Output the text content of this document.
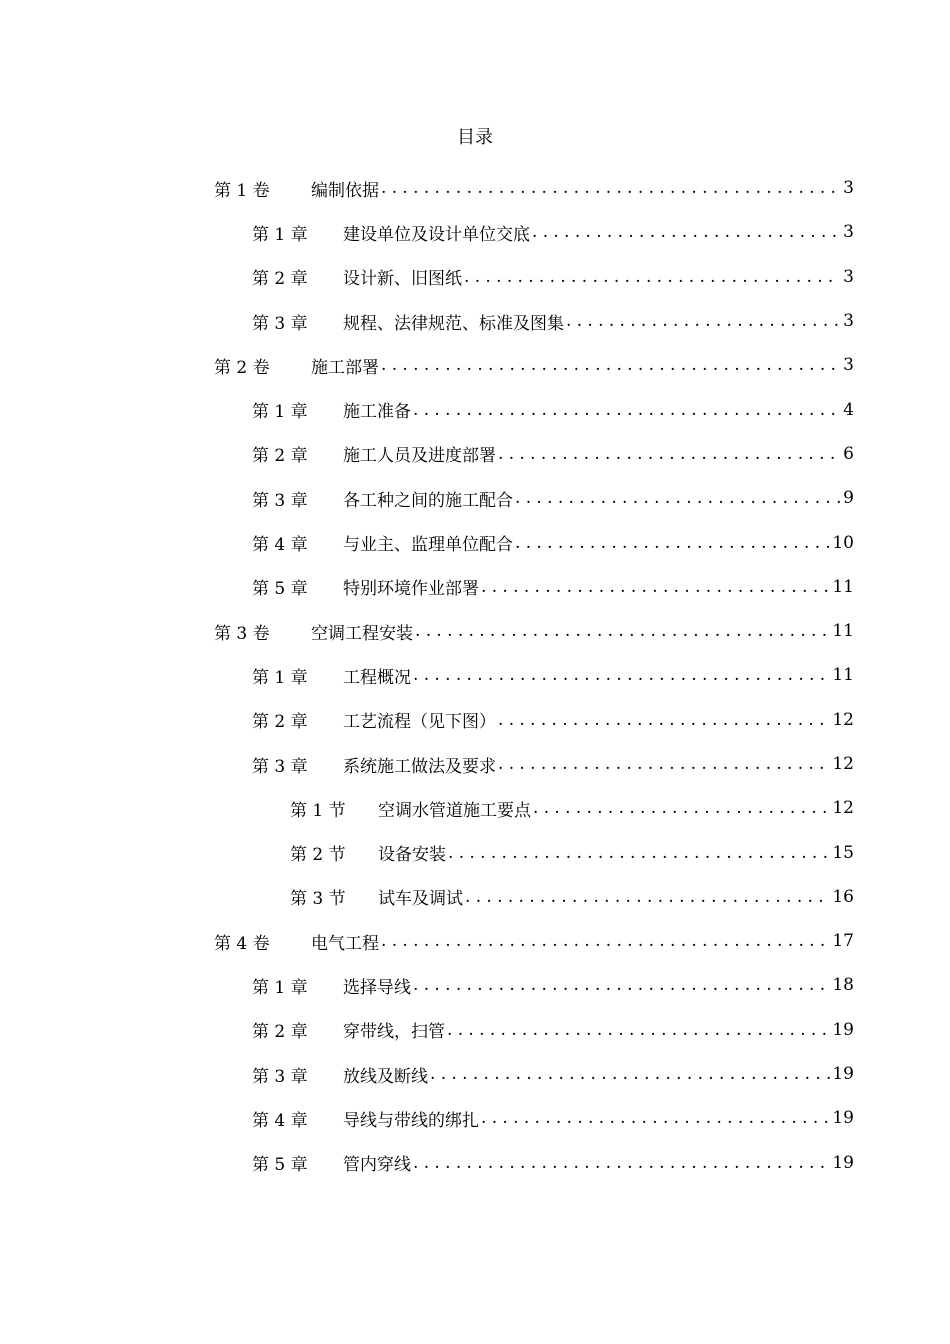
目录
第 1 卷 编制依据 .....	3
第 1 章 建设单位及设计单位交底 .....	3
第 2 章 设计新、旧图纸 .....	3
第 3 章 规程、法律规范、标准及图集 .....	3
第 2 卷 施工部署 .....	3
第 1 章 施工准备 .....	4
第 2 章 施工人员及进度部署 .....	6
第 3 章 各工种之间的施工配合 .....	9
第 4 章 与业主、监理单位配合 .....	10
第 5 章 特别环境作业部署 .....	11
第 3 卷 空调工程安装 .....	11
第 1 章 工程概况 .....	11
第 2 章 工艺流程（见下图） .....	12
第 3 章 系统施工做法及要求 .....	12
第 1 节 空调水管道施工要点 .....	12
第 2 节 设备安装 .....	15
第 3 节 试车及调试 .....	16
第 4 卷 电气工程 .....	17
第 1 章 选择导线 .....	18
第 2 章 穿带线，扫管 .....	19
第 3 章 放线及断线 .....	19
第 4 章 导线与带线的绑扎 .....	19
第 5 章 管内穿线 .....	19
